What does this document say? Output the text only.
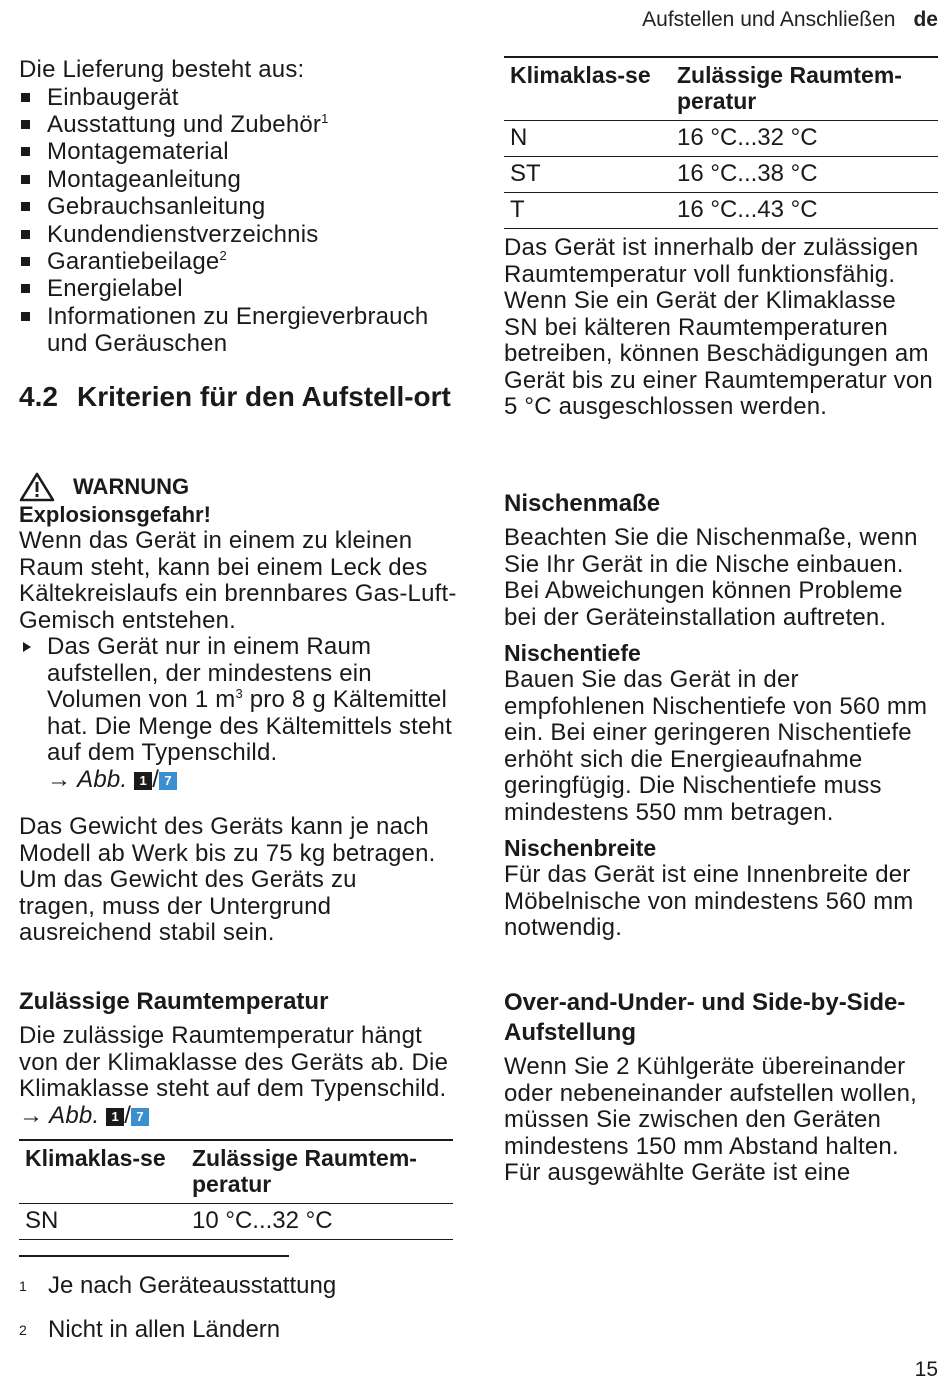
Aufstellen und Anschließen de
Die Lieferung besteht aus:
Einbaugerät
Ausstattung und Zubehör$^1$
Montagematerial
Montageanleitung
Gebrauchsanleitung
Kundendienstverzeichnis
Garantiebeilage$^2$
Energielabel
Informationen zu Energieverbrauch und Geräuschen
4.2 Kriterien für den Aufstell-ort
WARNUNG
Explosionsgefahr!
Wenn das Gerät in einem zu kleinen Raum steht, kann bei einem Leck des Kältekreislaufs ein brennbares Gas-Luft-Gemisch entstehen.
Das Gerät nur in einem Raum aufstellen, der mindestens ein Volumen von 1 $m^3$ pro 8 g Kältemittel hat. Die Menge des Kältemittels steht auf dem Typenschild.
→ Abb. 1 / 7
Das Gewicht des Geräts kann je nach Modell ab Werk bis zu 75 kg betragen.
Um das Gewicht des Geräts zu tragen, muss der Untergrund ausreichend stabil sein.
Zulässige Raumtemperatur
Die zulässige Raumtemperatur hängt von der Klimaklasse des Geräts ab. Die Klimaklasse steht auf dem Typenschild. → Abb. 1 / 7
Klimaklas-se	Zulässige Raumtem-peratur
SN	10 °C...32 °C
1 Je nach Geräteausstattung
2 Nicht in allen Ländern
Klimaklas-se	Zulässige Raumtem-peratur
N	16 °C...32 °C
ST	16 °C...38 °C
T	16 °C...43 °C
Das Gerät ist innerhalb der zulässigen Raumtemperatur voll funktionsfähig.
Wenn Sie ein Gerät der Klimaklasse SN bei kälteren Raumtemperaturen betreiben, können Beschädigungen am Gerät bis zu einer Raumtemperatur von 5 °C ausgeschlossen werden.
Nischenmaße
Beachten Sie die Nischenmaße, wenn Sie Ihr Gerät in die Nische einbauen. Bei Abweichungen können Probleme bei der Geräteinstallation auftreten.
Nischentiefe
Bauen Sie das Gerät in der empfohlenen Nischentiefe von 560 mm ein. Bei einer geringeren Nischentiefe erhöht sich die Energieaufnahme geringfügig. Die Nischentiefe muss mindestens 550 mm betragen.
Nischenbreite
Für das Gerät ist eine Innenbreite der Möbelnische von mindestens 560 mm notwendig.
Over-and-Under- und Side-by-Side-Aufstellung
Wenn Sie 2 Kühlgeräte übereinander oder nebeneinander aufstellen wollen, müssen Sie zwischen den Geräten mindestens 150 mm Abstand halten. Für ausgewählte Geräte ist eine
15
